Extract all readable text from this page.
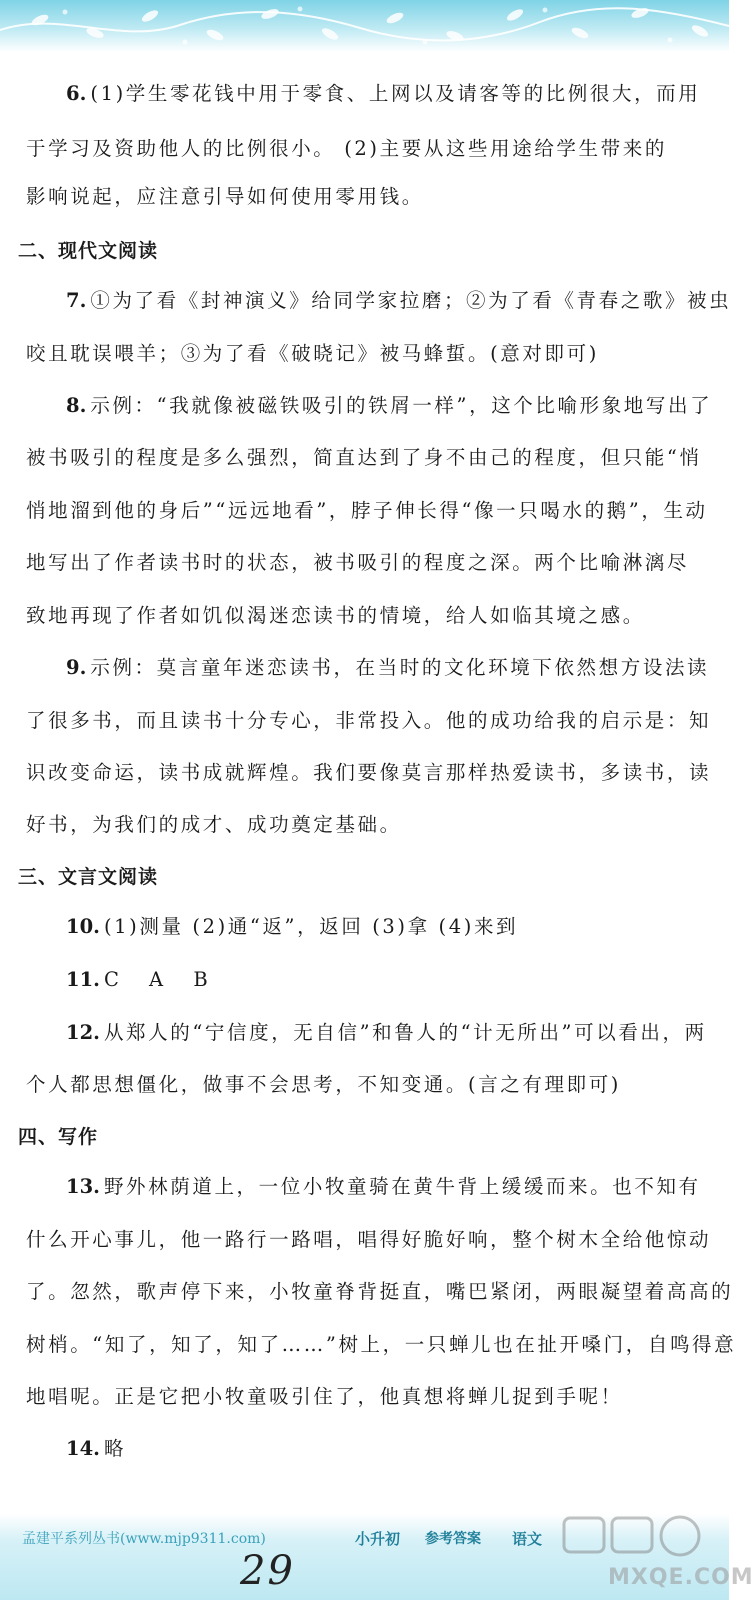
6. (1)学生零花钱中用于零食、上网以及请客等的比例很大，而用
于学习及资助他人的比例很小。 (2)主要从这些用途给学生带来的
影响说起，应注意引导如何使用零用钱。
二、现代文阅读
7. ①为了看《封神演义》给同学家拉磨；②为了看《青春之歌》被虫
咬且耽误喂羊；③为了看《破晓记》被马蜂蜇。(意对即可)
8. 示例：“我就像被磁铁吸引的铁屑一样”，这个比喻形象地写出了
被书吸引的程度是多么强烈，简直达到了身不由己的程度，但只能“悄
悄地溜到他的身后”“远远地看”，脖子伸长得“像一只喝水的鹅”，生动
地写出了作者读书时的状态，被书吸引的程度之深。两个比喻淋漓尽
致地再现了作者如饥似渴迷恋读书的情境，给人如临其境之感。
9. 示例：莫言童年迷恋读书，在当时的文化环境下依然想方设法读
了很多书，而且读书十分专心，非常投入。他的成功给我的启示是：知
识改变命运，读书成就辉煌。我们要像莫言那样热爱读书，多读书，读
好书，为我们的成才、成功奠定基础。
三、文言文阅读
10. (1)测量 (2)通“返”，返回 (3)拿 (4)来到
11. C A B
12. 从郑人的“宁信度，无自信”和鲁人的“计无所出”可以看出，两
个人都思想僵化，做事不会思考，不知变通。(言之有理即可)
四、写作
13. 野外林荫道上，一位小牧童骑在黄牛背上缓缓而来。也不知有
什么开心事儿，他一路行一路唱，唱得好脆好响，整个树木全给他惊动
了。忽然，歌声停下来，小牧童脊背挺直，嘴巴紧闭，两眼凝望着高高的
树梢。“知了，知了，知了……”树上，一只蝉儿也在扯开嗓门，自鸣得意
地唱呢。正是它把小牧童吸引住了，他真想将蝉儿捉到手呢！
14. 略
孟建平系列丛书(www.mjp9311.com)	小升初 参考答案 语文
29	MXQE.COM
